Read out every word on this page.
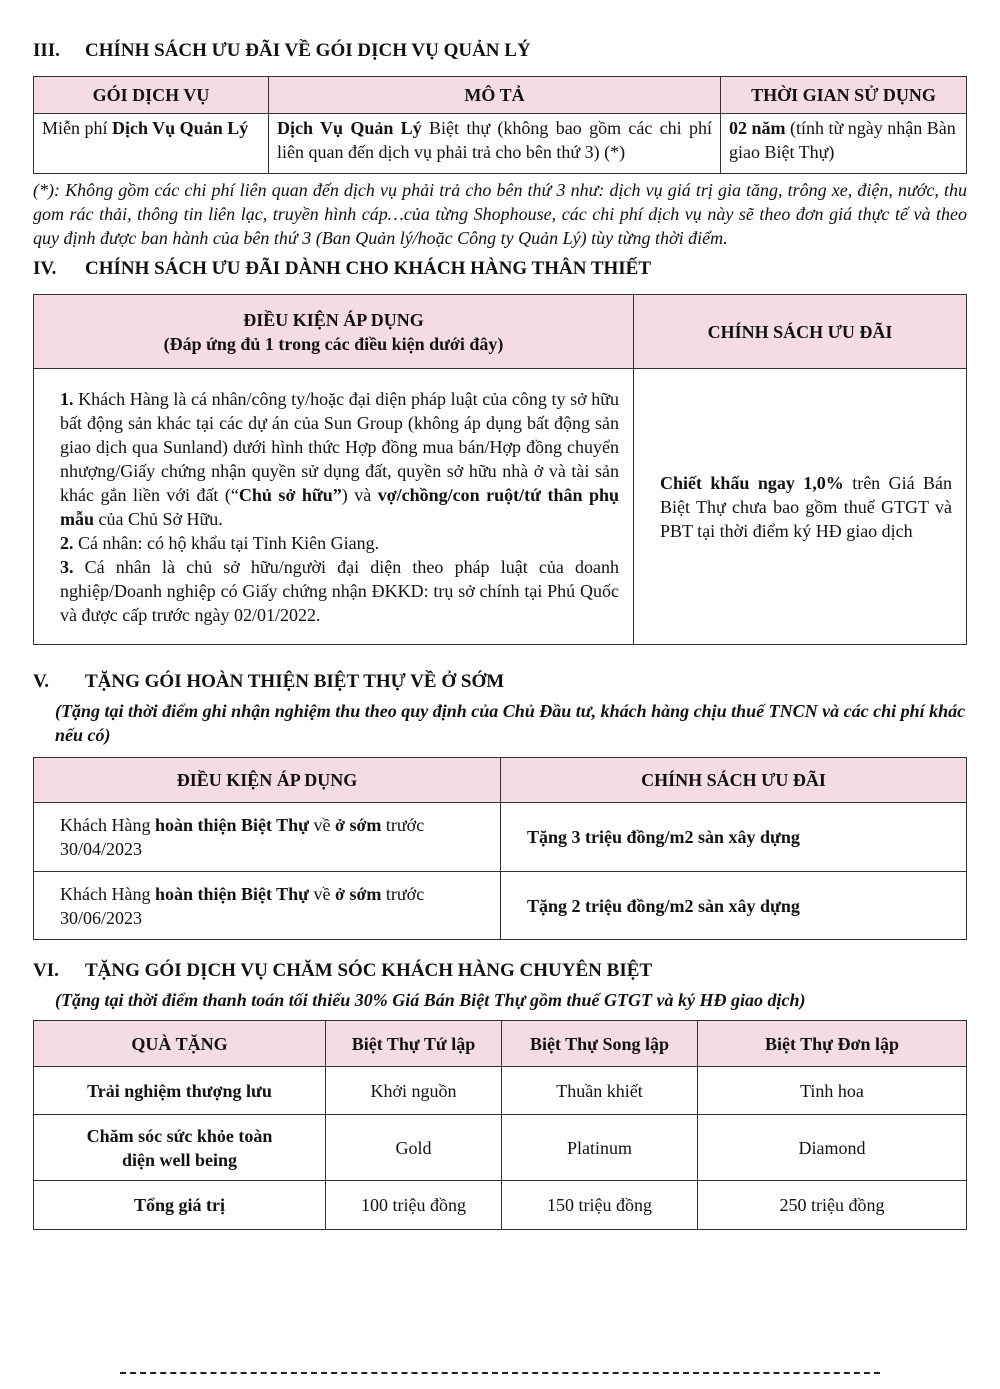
III.	CHÍNH SÁCH ƯU ĐÃI VỀ GÓI DỊCH VỤ QUẢN LÝ
GÓI DỊCH VỤ	MÔ TẢ	THỜI GIAN SỬ DỤNG
Miễn phí Dịch Vụ Quản Lý	Dịch Vụ Quản Lý Biệt thự (không bao gồm các chi phí liên quan đến dịch vụ phải trả cho bên thứ 3) (*)	02 năm (tính từ ngày nhận Bàn giao Biệt Thự)
(*): Không gồm các chi phí liên quan đến dịch vụ phải trả cho bên thứ 3 như: dịch vụ giá trị gia tăng, trông xe, điện, nước, thu gom rác thải, thông tin liên lạc, truyền hình cáp…của từng Shophouse, các chi phí dịch vụ này sẽ theo đơn giá thực tế và theo quy định được ban hành của bên thứ 3 (Ban Quản lý/hoặc Công ty Quản Lý) tùy từng thời điểm.
IV.	CHÍNH SÁCH ƯU ĐÃI DÀNH CHO KHÁCH HÀNG THÂN THIẾT
ĐIỀU KIỆN ÁP DỤNG
(Đáp ứng đủ 1 trong các điều kiện dưới đây)	CHÍNH SÁCH ƯU ĐÃI

1. Khách Hàng là cá nhân/công ty/hoặc đại diện pháp luật của công ty sở hữu bất động sản khác tại các dự án của Sun Group (không áp dụng bất động sản giao dịch qua Sunland) dưới hình thức Hợp đồng mua bán/Hợp đồng chuyển nhượng/Giấy chứng nhận quyền sử dụng đất, quyền sở hữu nhà ở và tài sản khác gắn liền với đất (“Chủ sở hữu”) và vợ/chồng/con ruột/tứ thân phụ mẫu của Chủ Sở Hữu.
2. Cá nhân: có hộ khẩu tại Tỉnh Kiên Giang.
3. Cá nhân là chủ sở hữu/người đại diện theo pháp luật của doanh nghiệp/Doanh nghiệp có Giấy chứng nhận ĐKKD: trụ sở chính tại Phú Quốc và được cấp trước ngày 02/01/2022.	Chiết khấu ngay 1,0% trên Giá Bán Biệt Thự chưa bao gồm thuế GTGT và PBT tại thời điểm ký HĐ giao dịch
V.	TẶNG GÓI HOÀN THIỆN BIỆT THỰ VỀ Ở SỚM
(Tặng tại thời điểm ghi nhận nghiệm thu theo quy định của Chủ Đầu tư, khách hàng chịu thuế TNCN và các chi phí khác nếu có)
ĐIỀU KIỆN ÁP DỤNG	CHÍNH SÁCH ƯU ĐÃI
Khách Hàng hoàn thiện Biệt Thự về ở sớm trước 30/04/2023	Tặng 3 triệu đồng/m2 sàn xây dựng
Khách Hàng hoàn thiện Biệt Thự về ở sớm trước 30/06/2023	Tặng 2 triệu đồng/m2 sàn xây dựng
VI.	TẶNG GÓI DỊCH VỤ CHĂM SÓC KHÁCH HÀNG CHUYÊN BIỆT
(Tặng tại thời điểm thanh toán tối thiểu 30% Giá Bán Biệt Thự gồm thuế GTGT và ký HĐ giao dịch)
QUÀ TẶNG	Biệt Thự Tứ lập	Biệt Thự Song lập	Biệt Thự Đơn lập
Trải nghiệm thượng lưu	Khởi nguồn	Thuần khiết	Tinh hoa
Chăm sóc sức khỏe toàn diện well being	Gold	Platinum	Diamond
Tổng giá trị	100 triệu đồng	150 triệu đồng	250 triệu đồng
